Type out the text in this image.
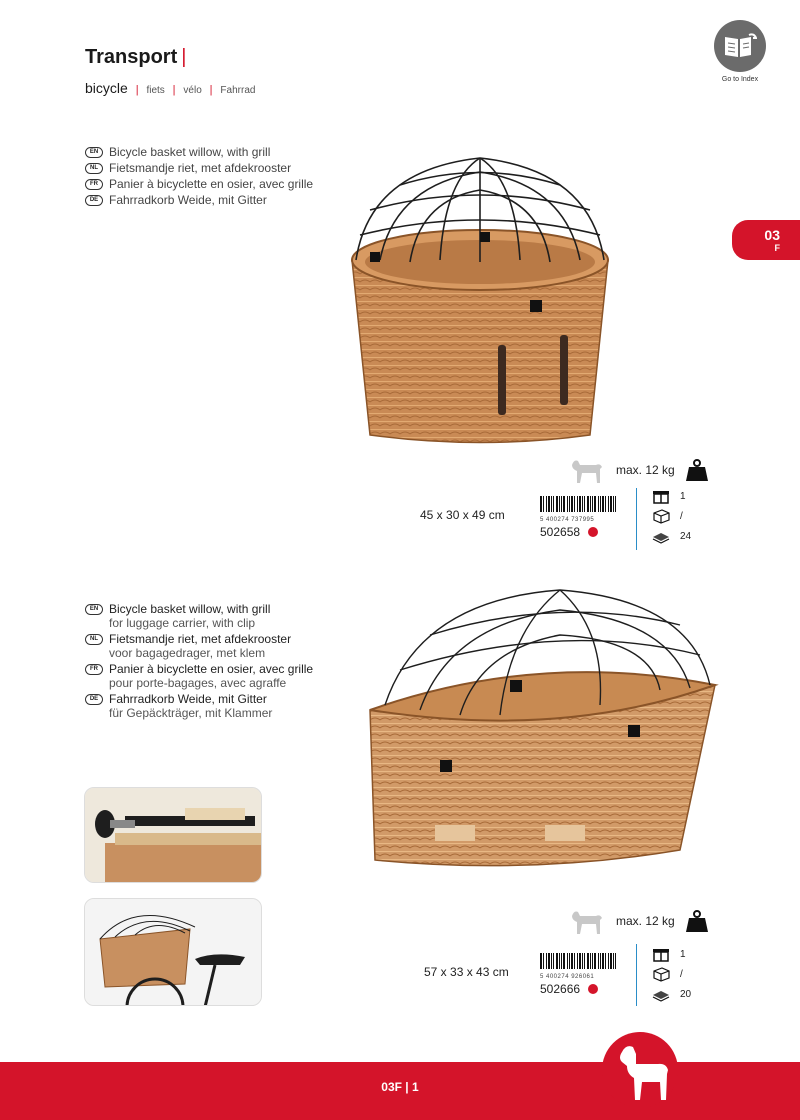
Transport |
bicycle | fiets | vélo | Fahrrad
Go to Index
03
F
EN Bicycle basket willow, with grill
NL Fietsmandje riet, met afdekrooster
FR Panier à bicyclette en osier, avec grille
DE Fahrradkorb Weide, mit Gitter
max. 12 kg
45 x 30 x 49 cm	5 400274 737995
502658
1
/
24
EN Bicycle basket willow, with grill
for luggage carrier, with clip
NL Fietsmandje riet, met afdekrooster
voor bagagedrager, met klem
FR Panier à bicyclette en osier, avec grille
pour porte-bagages, avec agraffe
DE Fahrradkorb Weide, mit Gitter
für Gepäckträger, mit Klammer
max. 12 kg
57 x 33 x 43 cm	5 400274 926061
502666
1
/
20
03F | 1
